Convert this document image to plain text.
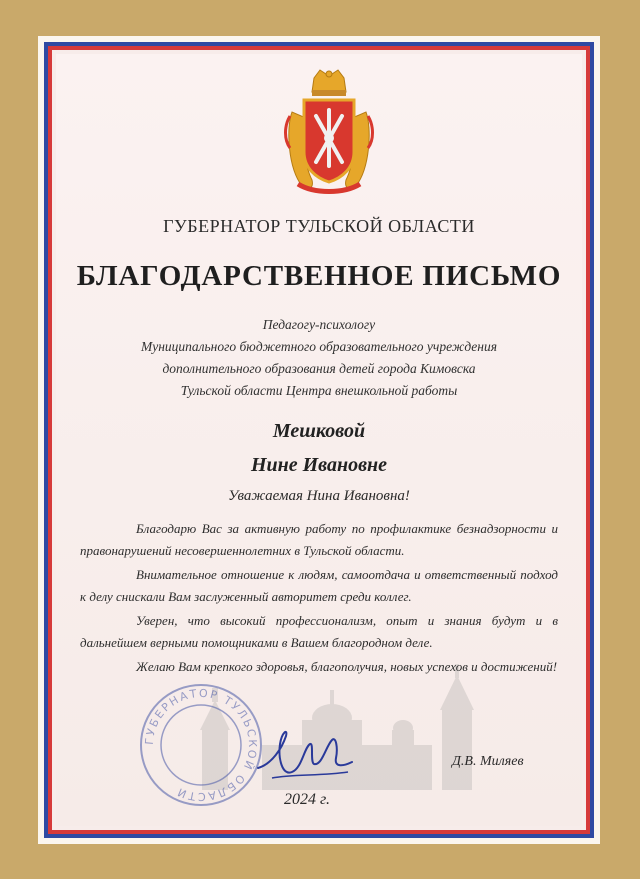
ГУБЕРНАТОР ТУЛЬСКОЙ ОБЛАСТИ
БЛАГОДАРСТВЕННОЕ ПИСЬМО
Педагогу-психологу
Муниципального бюджетного образовательного учреждения
дополнительного образования детей города Кимовска
Тульской области Центра внешкольной работы
Мешковой
Нине Ивановне
Уважаемая Нина Ивановна!

Благодарю Вас за активную работу по профилактике безнадзорности и правонарушений несовершеннолетних в Тульской области.

Внимательное отношение к людям, самоотдача и ответственный подход к делу снискали Вам заслуженный авторитет среди коллег.

Уверен, что высокий профессионализм, опыт и знания будут и в дальнейшем верными помощниками в Вашем благородном деле.

Желаю Вам крепкого здоровья, благополучия, новых успехов и достижений!

ГУБЕРНАТОР ТУЛЬСКОЙ ОБЛАСТИ
Д.В. Миляев
2024 г.
